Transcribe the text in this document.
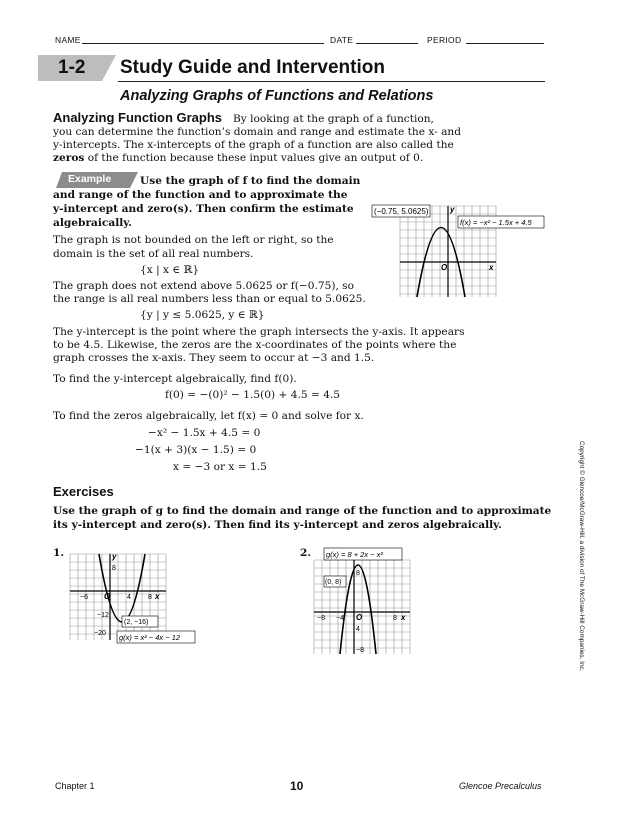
NAME	DATE	PERIOD
1-2 Study Guide and Intervention
Analyzing Graphs of Functions and Relations
Analyzing Function Graphs By looking at the graph of a function,
you can determine the function’s domain and range and estimate the x- and
y-intercepts. The x-intercepts of the graph of a function are also called the
zeros of the function because these input values give an output of 0.
Example	Use the graph of f to find the domain
and range of the function and to approximate the
y-intercept and zero(s). Then confirm the estimate
algebraically.
The graph is not bounded on the left or right, so the
domain is the set of all real numbers.
{x | x ∈ ℝ}
The graph does not extend above 5.0625 or f(−0.75), so
the range is all real numbers less than or equal to 5.0625.
{y | y ≤ 5.0625, y ∈ ℝ}
The y-intercept is the point where the graph intersects the y-axis. It appears
to be 4.5. Likewise, the zeros are the x-coordinates of the points where the
graph crosses the x-axis. They seem to occur at −3 and 1.5.
To find the y-intercept algebraically, find f(0).
f(0) = −(0)² − 1.5(0) + 4.5 = 4.5
To find the zeros algebraically, let f(x) = 0 and solve for x.
−x² − 1.5x + 4.5 = 0
−1(x + 3)(x − 1.5) = 0
x = −3 or x = 1.5
(−0.75, 5.0625)
f(x) = −x² − 1.5x + 4.5
y
x
O
Exercises
Use the graph of g to find the domain and range of the function and to approximate
its y-intercept and zero(s). Then find its y-intercept and zeros algebraically.
1.	2.
y
8
−6 O 4 8 x
−12
−20
(2, −16)
g(x) = x² − 4x − 12
g(x) = 8 + 2x − x²
8
(0, 8)
−8 −4 O	8 x
4
−8	Copyright © Glencoe/McGraw-Hill, a division of The McGraw-Hill Companies, Inc.
Chapter 1	10	Glencoe Precalculus
